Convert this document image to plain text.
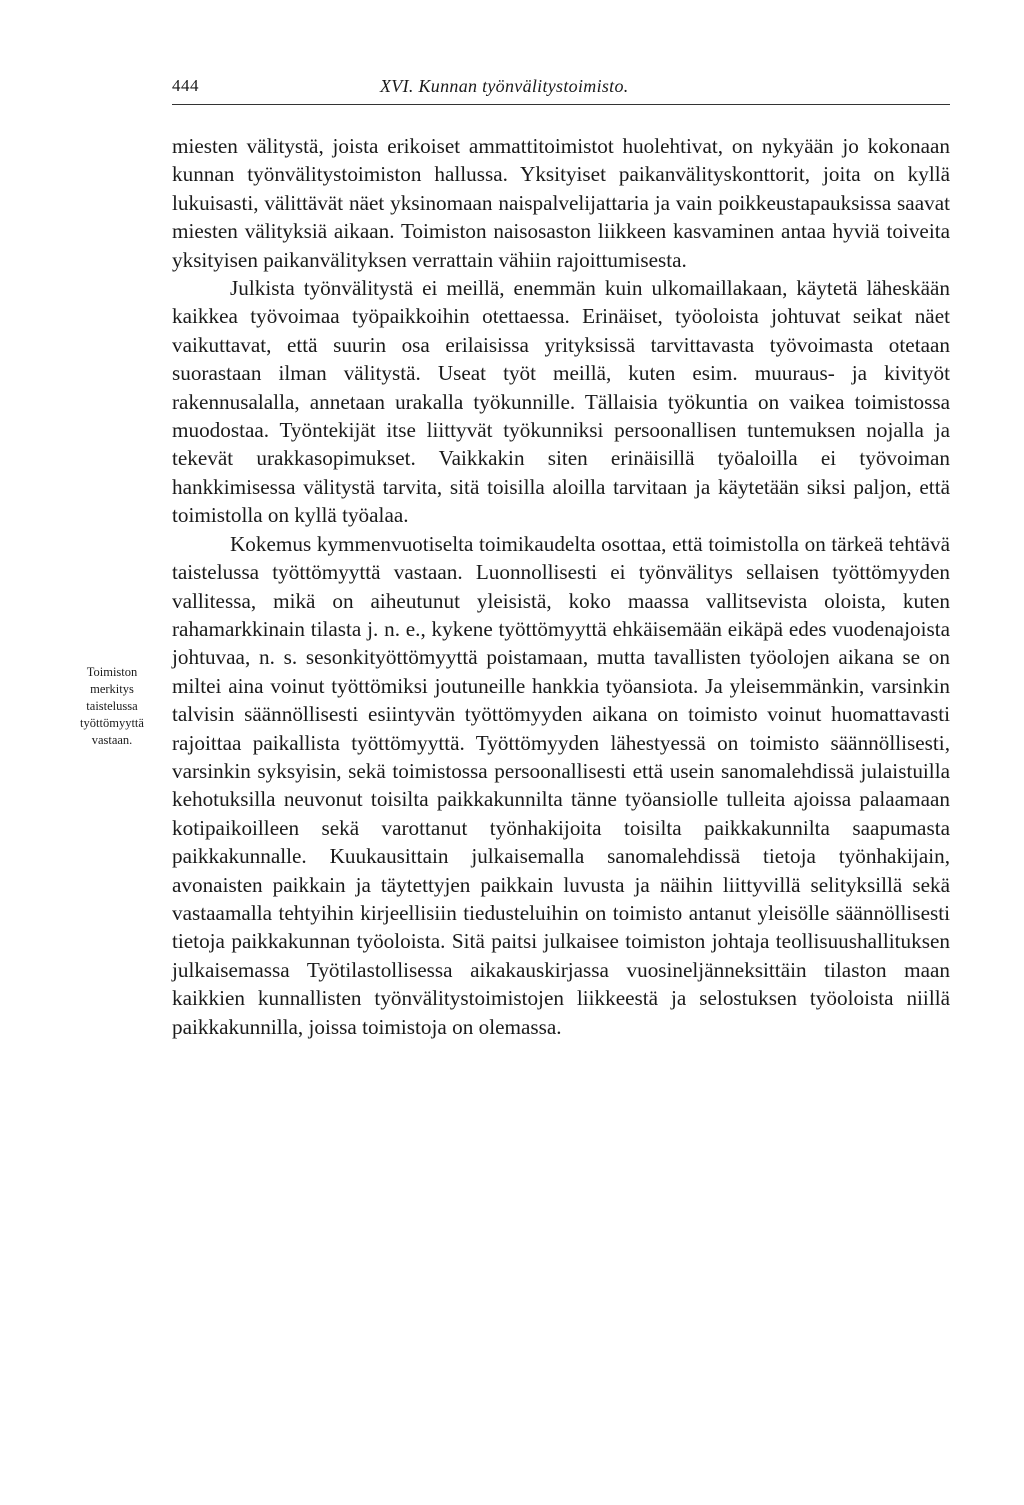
444	XVI. Kunnan työnvälitystoimisto.
Toimiston
merkitys
taistelussa
työttömyyttä
vastaan.

miesten välitystä, joista erikoiset ammattitoimistot huolehtivat, on nykyään jo kokonaan kunnan työnvälitystoimiston hallussa. Yksityiset paikanvälityskonttorit, joita on kyllä lukuisasti, välittävät näet yksinomaan naispalvelijattaria ja vain poikkeustapauksissa saavat miesten välityksiä aikaan. Toimiston naisosaston liikkeen kasvaminen antaa hyviä toiveita yksityisen paikanvälityksen verrattain vähiin rajoittumisesta.

Julkista työnvälitystä ei meillä, enemmän kuin ulkomaillakaan, käytetä läheskään kaikkea työvoimaa työpaikkoihin otettaessa. Erinäiset, työoloista johtuvat seikat näet vaikuttavat, että suurin osa erilaisissa yrityksissä tarvittavasta työvoimasta otetaan suorastaan ilman välitystä. Useat työt meillä, kuten esim. muuraus- ja kivityöt rakennusalalla, annetaan urakalla työkunnille. Tällaisia työkuntia on vaikea toimistossa muodostaa. Työntekijät itse liittyvät työkunniksi persoonallisen tuntemuksen nojalla ja tekevät urakkasopimukset. Vaikkakin siten erinäisillä työaloilla ei työvoiman hankkimisessa välitystä tarvita, sitä toisilla aloilla tarvitaan ja käytetään siksi paljon, että toimistolla on kyllä työalaa.

Kokemus kymmenvuotiselta toimikaudelta osottaa, että toimistolla on tärkeä tehtävä taistelussa työttömyyttä vastaan. Luonnollisesti ei työnvälitys sellaisen työttömyyden vallitessa, mikä on aiheutunut yleisistä, koko maassa vallitsevista oloista, kuten rahamarkkinain tilasta j. n. e., kykene työttömyyttä ehkäisemään eikäpä edes vuodenajoista johtuvaa, n. s. sesonkityöttömyyttä poistamaan, mutta tavallisten työolojen aikana se on miltei aina voinut työttömiksi joutuneille hankkia työansiota. Ja yleisemmänkin, varsinkin talvisin säännöllisesti esiintyvän työttömyyden aikana on toimisto voinut huomattavasti rajoittaa paikallista työttömyyttä. Työttömyyden lähestyessä on toimisto säännöllisesti, varsinkin syksyisin, sekä toimistossa persoonallisesti että usein sanomalehdissä julaistuilla kehotuksilla neuvonut toisilta paikkakunnilta tänne työansiolle tulleita ajoissa palaamaan kotipaikoilleen sekä varottanut työnhakijoita toisilta paikkakunnilta saapumasta paikkakunnalle. Kuukausittain julkaisemalla sanomalehdissä tietoja työnhakijain, avonaisten paikkain ja täytettyjen paikkain luvusta ja näihin liittyvillä selityksillä sekä vastaamalla tehtyihin kirjeellisiin tiedusteluihin on toimisto antanut yleisölle säännöllisesti tietoja paikkakunnan työoloista. Sitä paitsi julkaisee toimiston johtaja teollisuushallituksen julkaisemassa Työtilastollisessa aikakauskirjassa vuosineljänneksittäin tilaston maan kaikkien kunnallisten työnvälitystoimistojen liikkeestä ja selostuksen työoloista niillä paikkakunnilla, joissa toimistoja on olemassa.
